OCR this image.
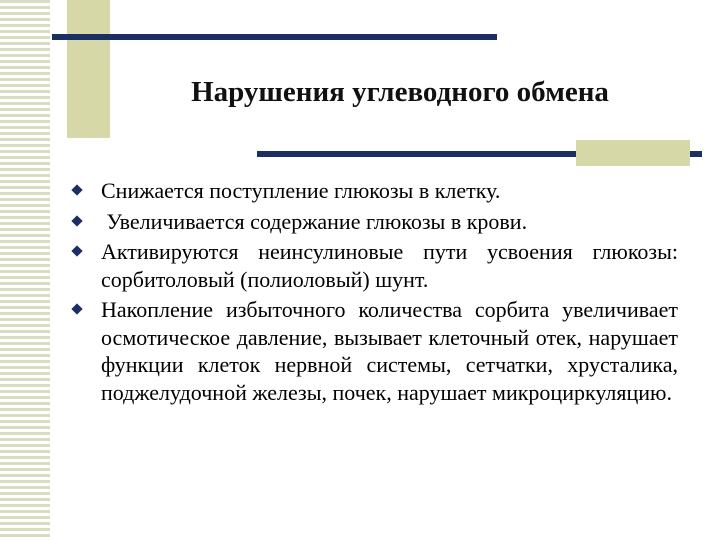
Нарушения углеводного обмена
Снижается поступление глюкозы в клетку.
Увеличивается содержание глюкозы в крови.
Активируются неинсулиновые пути усвоения глюкозы: сорбитоловый (полиоловый) шунт.
Накопление избыточного количества сорбита увеличивает осмотическое давление, вызывает клеточный отек, нарушает функции клеток нервной системы, сетчатки, хрусталика, поджелудочной железы, почек, нарушает микроциркуляцию.
